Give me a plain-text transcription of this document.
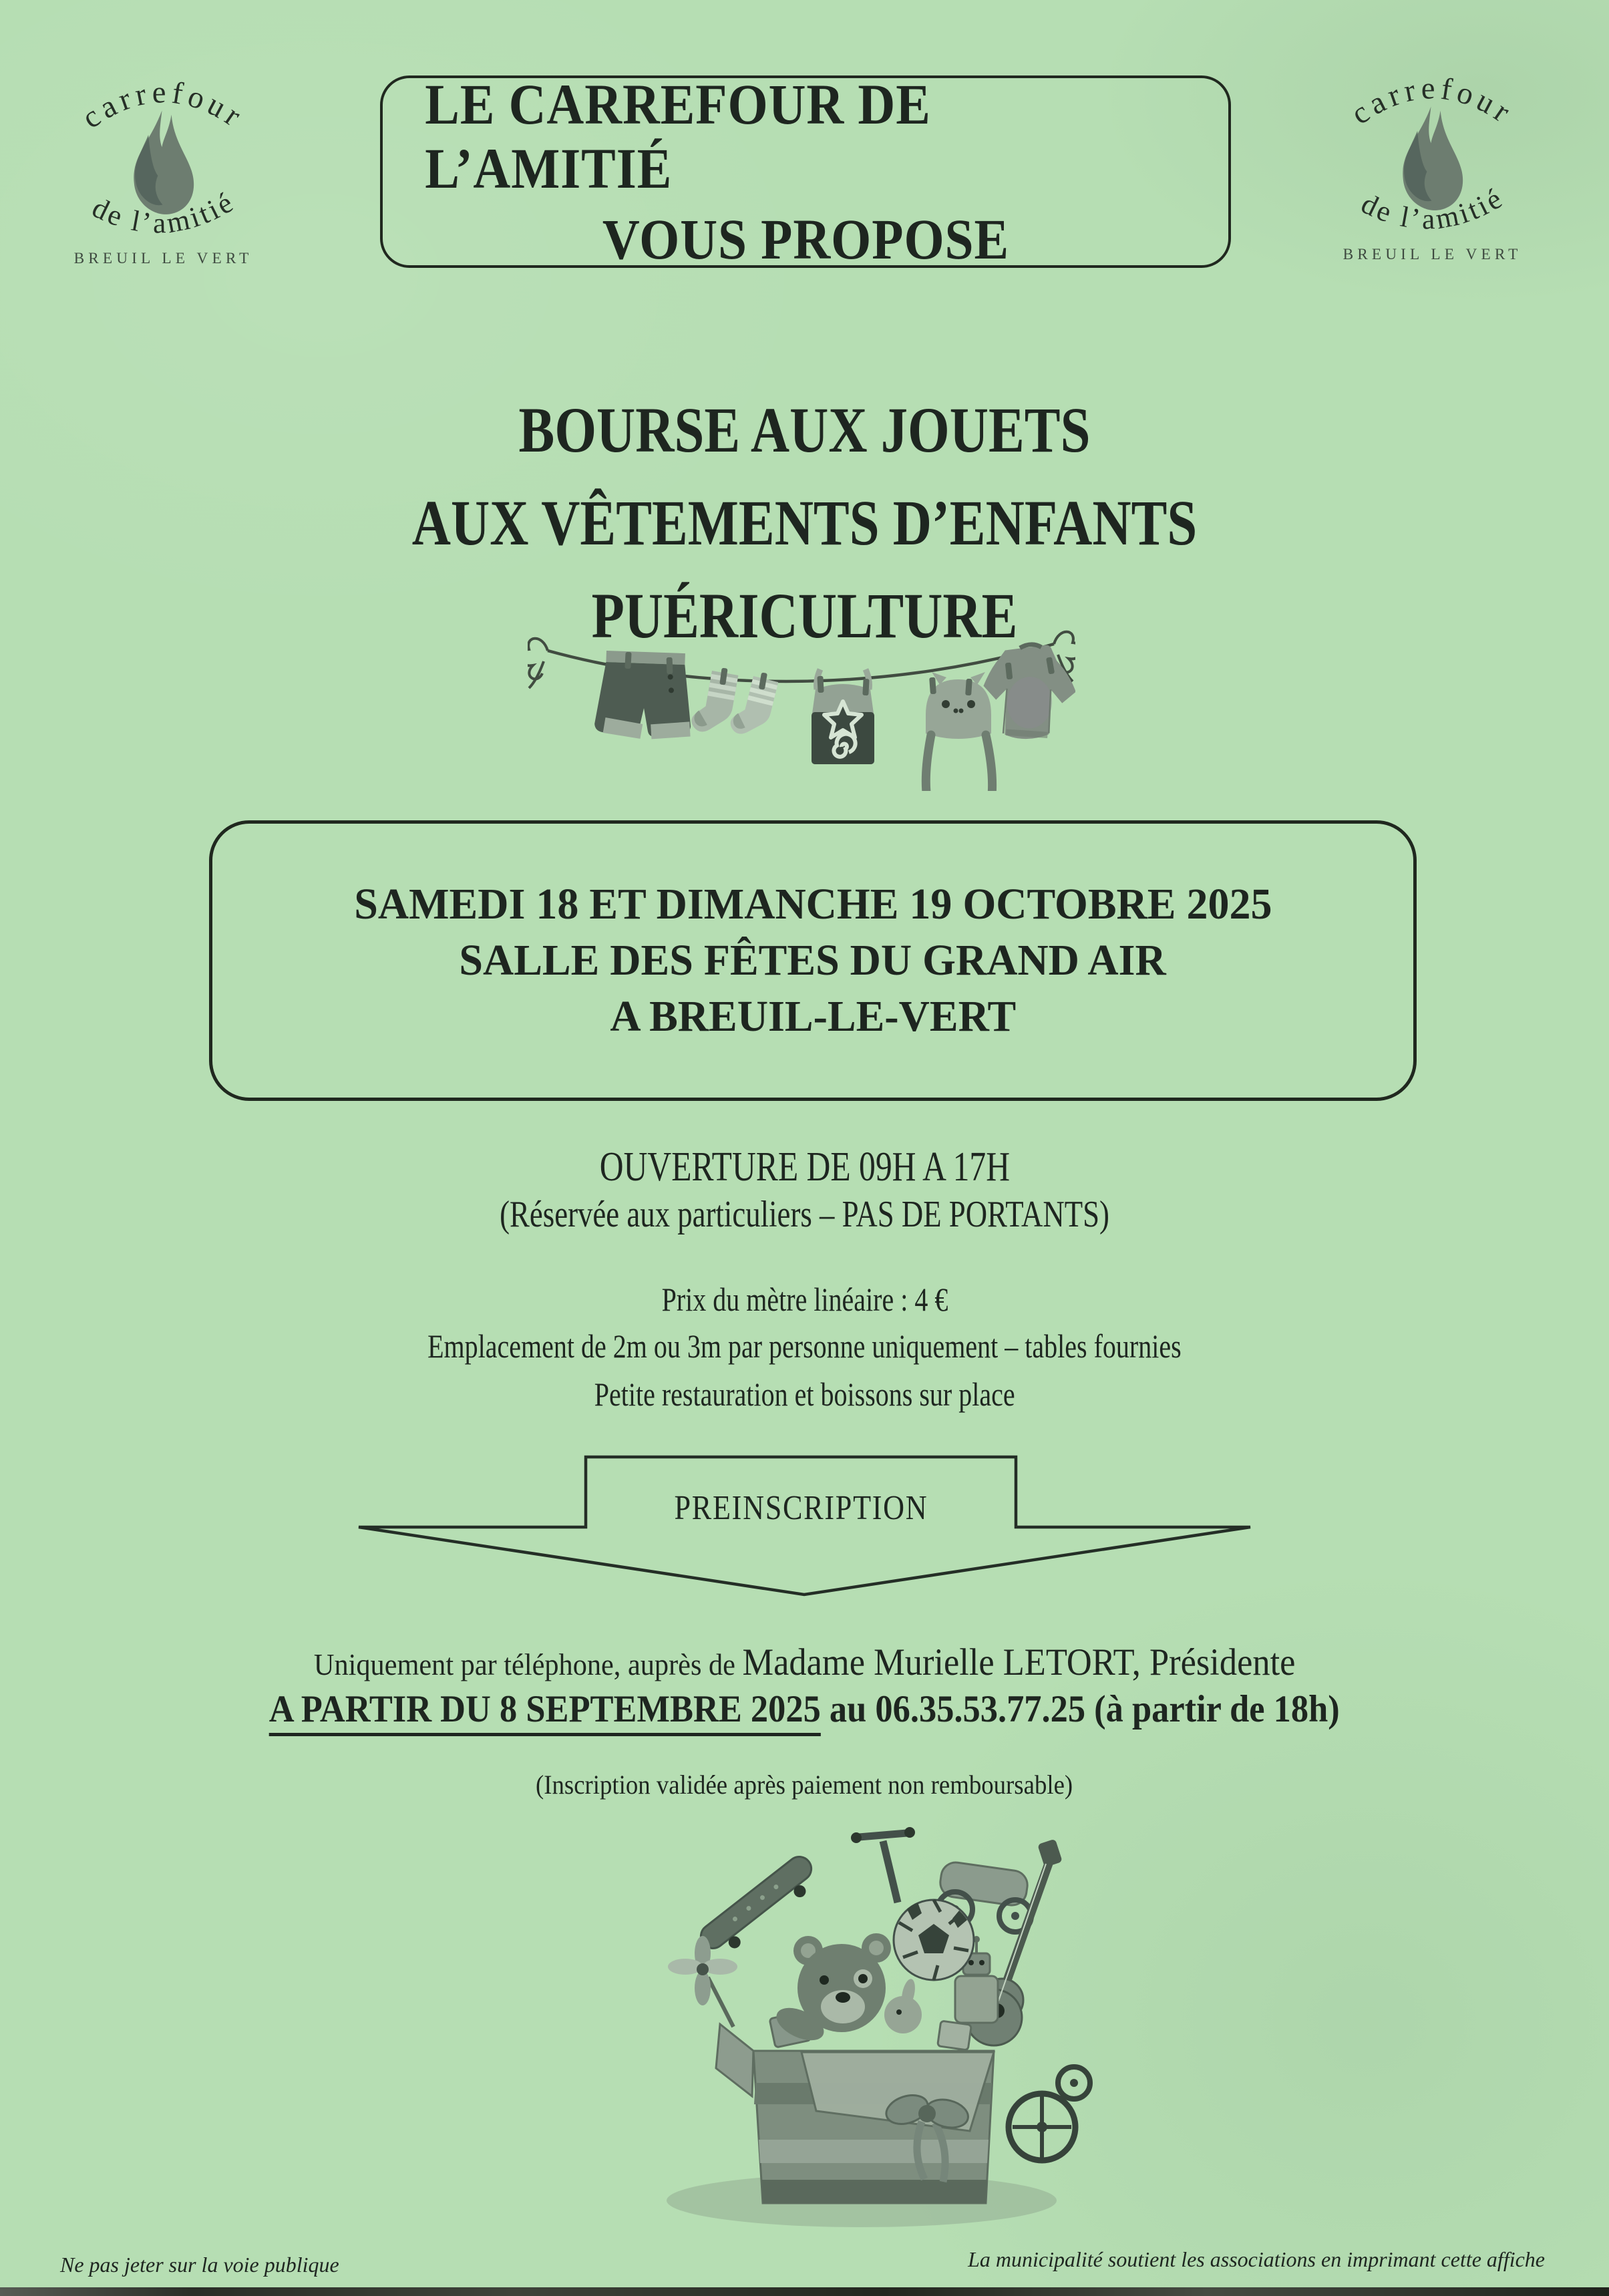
LE CARREFOUR DE L’AMITIÉ
VOUS PROPOSE

BOURSE AUX JOUETS

AUX VÊTEMENTS D’ENFANTS

PUÉRICULTURE

SAMEDI 18 ET DIMANCHE 19 OCTOBRE 2025
SALLE DES FÊTES DU GRAND AIR
A BREUIL-LE-VERT
OUVERTURE DE 09H A 17H
(Réservée aux particuliers – PAS DE PORTANTS)
Prix du mètre linéaire : 4 €
Emplacement de 2m ou 3m par personne uniquement – tables fournies
Petite restauration et boissons sur place
PREINSCRIPTION
Uniquement par téléphone, auprès de Madame Murielle LETORT, Présidente
A PARTIR DU 8 SEPTEMBRE 2025 au 06.35.53.77.25 (à partir de 18h)
(Inscription validée après paiement non remboursable)
Ne pas jeter sur la voie publique	La municipalité soutient les associations en imprimant cette affiche
